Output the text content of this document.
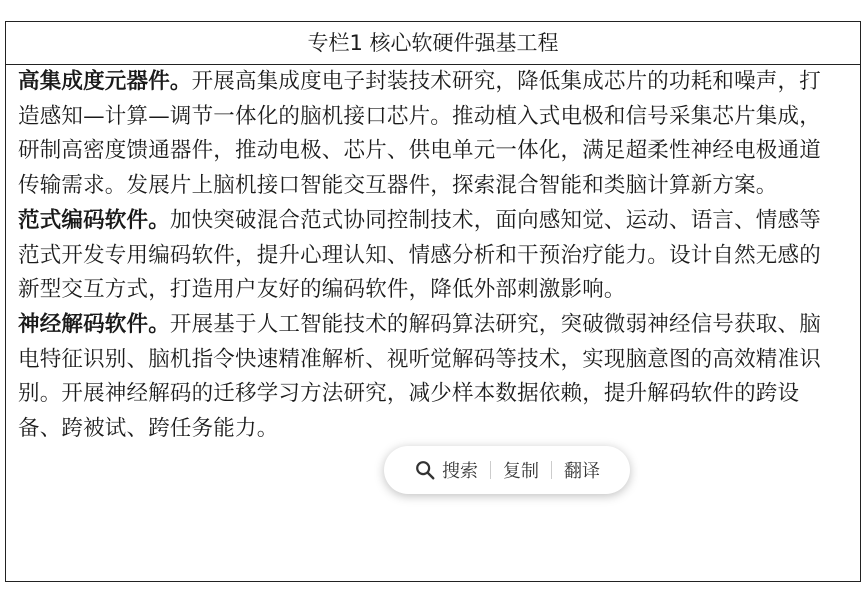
专栏1 核心软硬件强基工程
高集成度元器件。开展高集成度电子封装技术研究，降低集成芯片的功耗和噪声，打造感知—计算—调节一体化的脑机接口芯片。推动植入式电极和信号采集芯片集成，研制高密度馈通器件，推动电极、芯片、供电单元一体化，满足超柔性神经电极通道传输需求。发展片上脑机接口智能交互器件，探索混合智能和类脑计算新方案。
范式编码软件。加快突破混合范式协同控制技术，面向感知觉、运动、语言、情感等范式开发专用编码软件，提升心理认知、情感分析和干预治疗能力。设计自然无感的新型交互方式，打造用户友好的编码软件，降低外部刺激影响。
神经解码软件。开展基于人工智能技术的解码算法研究，突破微弱神经信号获取、脑电特征识别、脑机指令快速精准解析、视听觉解码等技术，实现脑意图的高效精准识别。开展神经解码的迁移学习方法研究，减少样本数据依赖，提升解码软件的跨设备、跨被试、跨任务能力。
搜索 复制 翻译
